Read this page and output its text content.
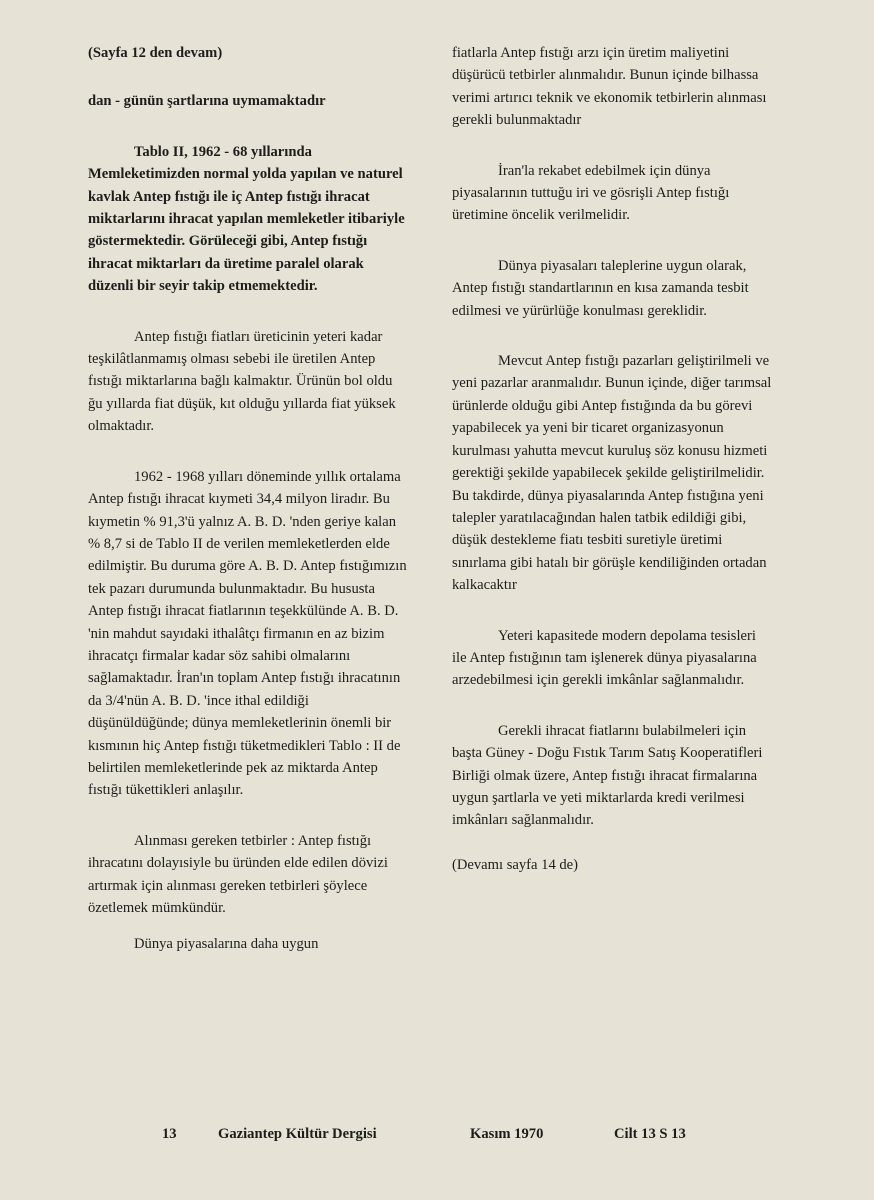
(Sayfa 12 den devam)

dan - günün şartlarına uymamaktadır

Tablo II, 1962 - 68 yıllarında Memleketimizden normal yolda yapılan ve naturel kavlak Antep fıstığı ile iç Antep fıstığı ihracat miktarlarını ihracat yapılan memleketler itibariyle göstermektedir. Görüleceği gibi, Antep fıstığı ihracat miktarları da üretime paralel olarak düzenli bir seyir takip etmemektedir.

Antep fıstığı fiatları üreticinin yeteri kadar teşkilâtlanmamış olması sebebi ile üretilen Antep fıstığı miktarlarına bağlı kalmaktır. Ürünün bol oldu ğu yıllarda fiat düşük, kıt olduğu yıllarda fiat yüksek olmaktadır.

1962 - 1968 yılları döneminde yıllık ortalama Antep fıstığı ihracat kıymeti 34,4 milyon liradır. Bu kıymetin % 91,3'ü yalnız A. B. D. 'nden geriye kalan % 8,7 si de Tablo II de verilen memleketlerden elde edilmiştir. Bu duruma göre A. B. D. Antep fıstığımızın tek pazarı durumunda bulunmaktadır. Bu hususta Antep fıstığı ihracat fiatlarının teşekkülünde A. B. D. 'nin mahdut sayıdaki ithalâtçı firmanın en az bizim ihracatçı firmalar kadar söz sahibi olmalarını sağlamaktadır. İran'ın toplam Antep fıstığı ihracatının da 3/4'nün A. B. D. 'ince ithal edildiği düşünüldüğünde; dünya memleketlerinin önemli bir kısmının hiç Antep fıstığı tüketmedikleri Tablo : II de belirtilen memleketlerinde pek az miktarda Antep fıstığı tükettikleri anlaşılır.

Alınması gereken tetbirler : Antep fıstığı ihracatını dolayısiyle bu üründen elde edilen dövizi artırmak için alınması gereken tetbirleri şöylece özetlemek mümkündür.

Dünya piyasalarına daha uygun

fiatlarla Antep fıstığı arzı için üretim maliyetini düşürücü tetbirler alınmalıdır. Bunun içinde bilhassa verimi artırıcı teknik ve ekonomik tetbirlerin alınması gerekli bulunmaktadır

İran'la rekabet edebilmek için dünya piyasalarının tuttuğu iri ve gösrişli Antep fıstığı üretimine öncelik verilmelidir.

Dünya piyasaları taleplerine uygun olarak, Antep fıstığı standartlarının en kısa zamanda tesbit edilmesi ve yürürlüğe konulması gereklidir.

Mevcut Antep fıstığı pazarları geliştirilmeli ve yeni pazarlar aranmalıdır. Bunun içinde, diğer tarımsal ürünlerde olduğu gibi Antep fıstığında da bu görevi yapabilecek ya yeni bir ticaret organizasyonun kurulması yahutta mevcut kuruluş söz konusu hizmeti gerektiği şekilde yapabilecek şekilde geliştirilmelidir. Bu takdirde, dünya piyasalarında Antep fıstığına yeni talepler yaratılacağından halen tatbik edildiği gibi, düşük destekleme fiatı tesbiti suretiyle üretimi sınırlama gibi hatalı bir görüşle kendiliğinden ortadan kalkacaktır

Yeteri kapasitede modern depolama tesisleri ile Antep fıstığının tam işlenerek dünya piyasalarına arzedebilmesi için gerekli imkânlar sağlanmalıdır.

Gerekli ihracat fiatlarını bulabilmeleri için başta Güney - Doğu Fıstık Tarım Satış Kooperatifleri Birliği olmak üzere, Antep fıstığı ihracat firmalarına uygun şartlarla ve yeti miktarlarda kredi verilmesi imkânları sağlanmalıdır.

(Devamı sayfa 14 de)

13	Gaziantep Kültür Dergisi	Kasım 1970	Cilt 13 S 13
